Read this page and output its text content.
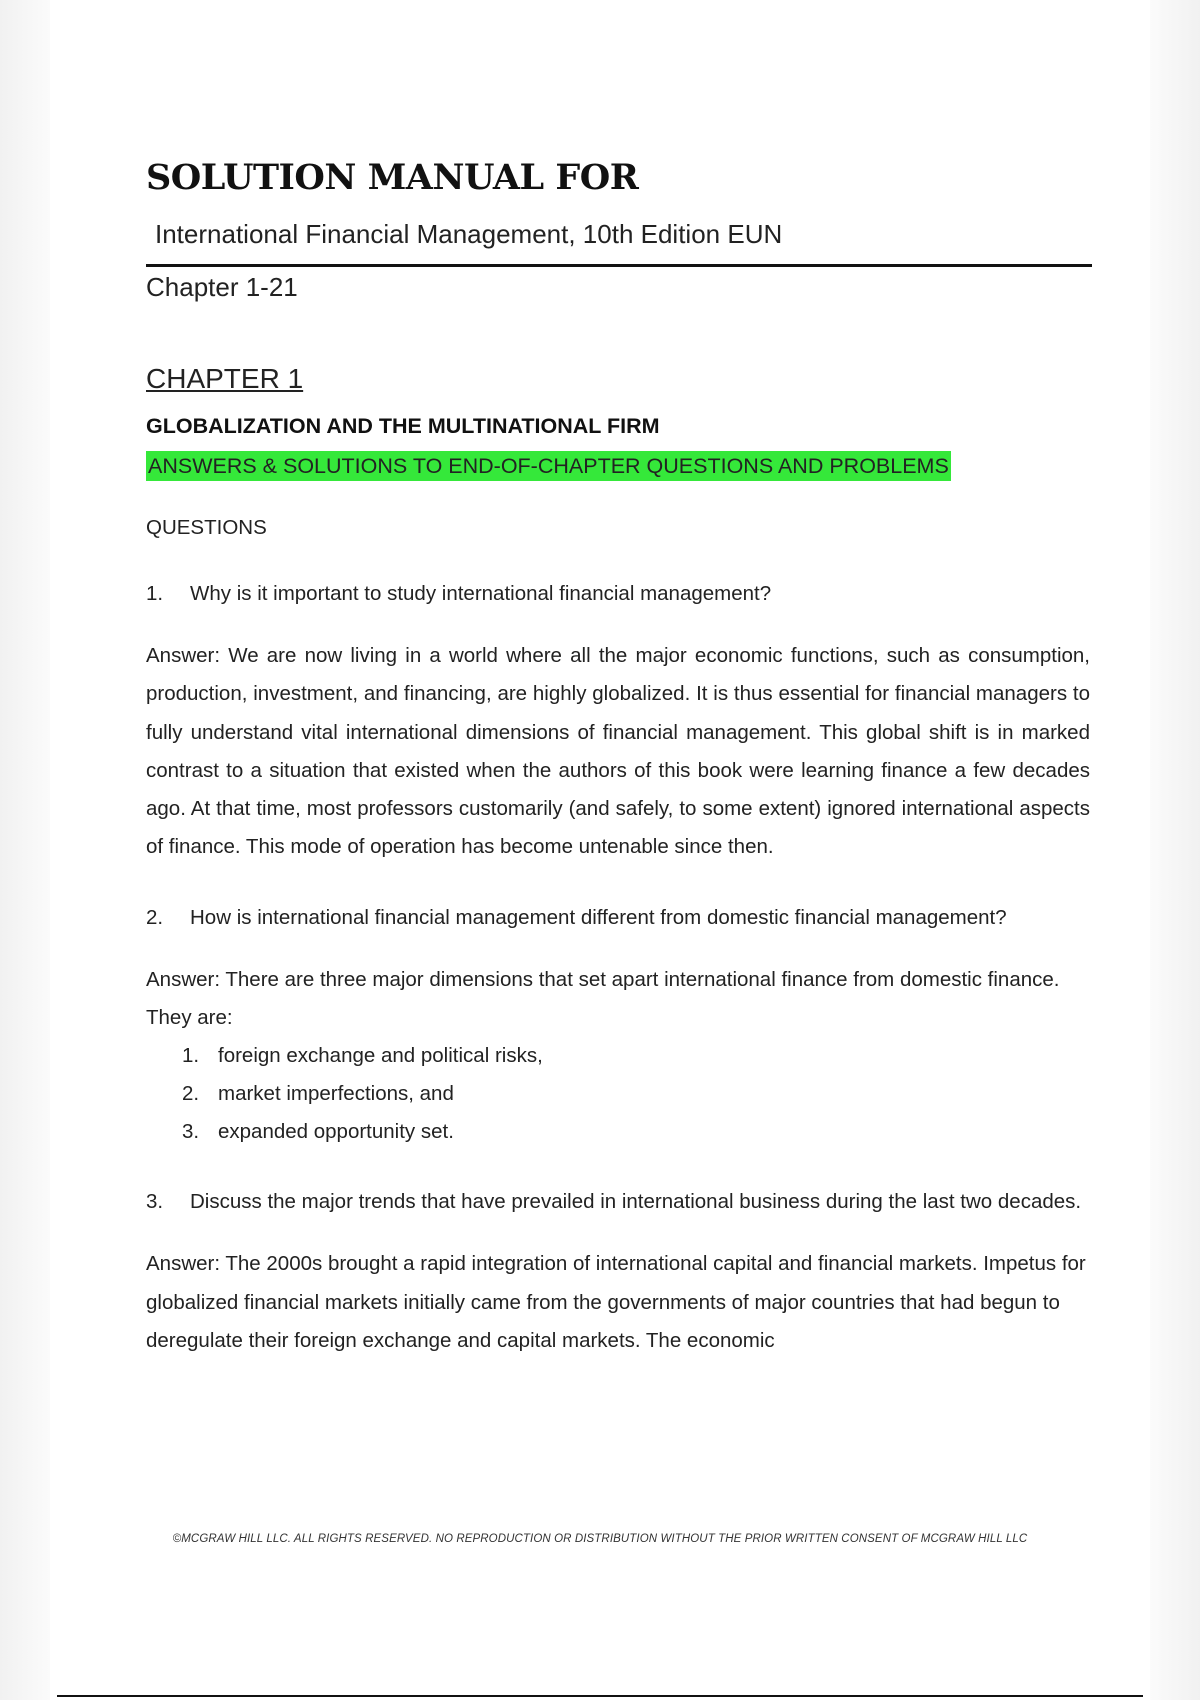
SOLUTION MANUAL FOR
International Financial Management, 10th Edition EUN
Chapter 1-21
CHAPTER 1
GLOBALIZATION AND THE MULTINATIONAL FIRM
ANSWERS & SOLUTIONS TO END-OF-CHAPTER QUESTIONS AND PROBLEMS
QUESTIONS
1. Why is it important to study international financial management?

Answer: We are now living in a world where all the major economic functions, such as consumption, production, investment, and financing, are highly globalized. It is thus essential for financial managers to fully understand vital international dimensions of financial management. This global shift is in marked contrast to a situation that existed when the authors of this book were learning finance a few decades ago. At that time, most professors customarily (and safely, to some extent) ignored international aspects of finance. This mode of operation has become untenable since then.

2. How is international financial management different from domestic financial management?

Answer: There are three major dimensions that set apart international finance from domestic finance. They are:

1. foreign exchange and political risks,
2. market imperfections, and
3. expanded opportunity set.
3. Discuss the major trends that have prevailed in international business during the last two decades.

Answer: The 2000s brought a rapid integration of international capital and financial markets. Impetus for globalized financial markets initially came from the governments of major countries that had begun to deregulate their foreign exchange and capital markets. The economic

©MCGRAW HILL LLC. ALL RIGHTS RESERVED. NO REPRODUCTION OR DISTRIBUTION WITHOUT THE PRIOR WRITTEN CONSENT OF MCGRAW HILL LLC
